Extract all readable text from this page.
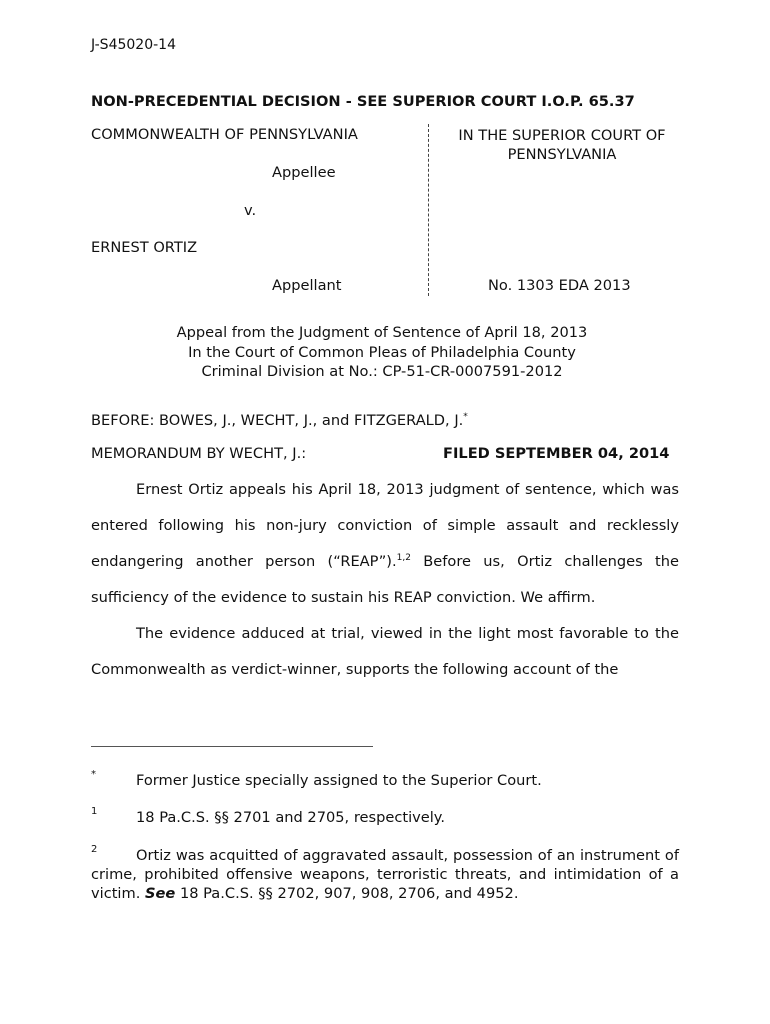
J-S45020-14
NON-PRECEDENTIAL DECISION - SEE SUPERIOR COURT I.O.P. 65.37
COMMONWEALTH OF PENNSYLVANIA
Appellee
v.
ERNEST ORTIZ
Appellant
IN THE SUPERIOR COURT OF PENNSYLVANIA
No. 1303 EDA 2013
Appeal from the Judgment of Sentence of April 18, 2013
In the Court of Common Pleas of Philadelphia County
Criminal Division at No.: CP-51-CR-0007591-2012
BEFORE: BOWES, J., WECHT, J., and FITZGERALD, J.*
MEMORANDUM BY WECHT, J.:	FILED SEPTEMBER 04, 2014

Ernest Ortiz appeals his April 18, 2013 judgment of sentence, which was entered following his non-jury conviction of simple assault and recklessly endangering another person (“REAP”).$^{1,2}$ Before us, Ortiz challenges the sufficiency of the evidence to sustain his REAP conviction. We affirm.

The evidence adduced at trial, viewed in the light most favorable to the Commonwealth as verdict-winner, supports the following account of the

*	Former Justice specially assigned to the Superior Court.
1	18 Pa.C.S. §§ 2701 and 2705, respectively.
2	Ortiz was acquitted of aggravated assault, possession of an instrument of crime, prohibited offensive weapons, terroristic threats, and intimidation of a victim. See 18 Pa.C.S. §§ 2702, 907, 908, 2706, and 4952.
